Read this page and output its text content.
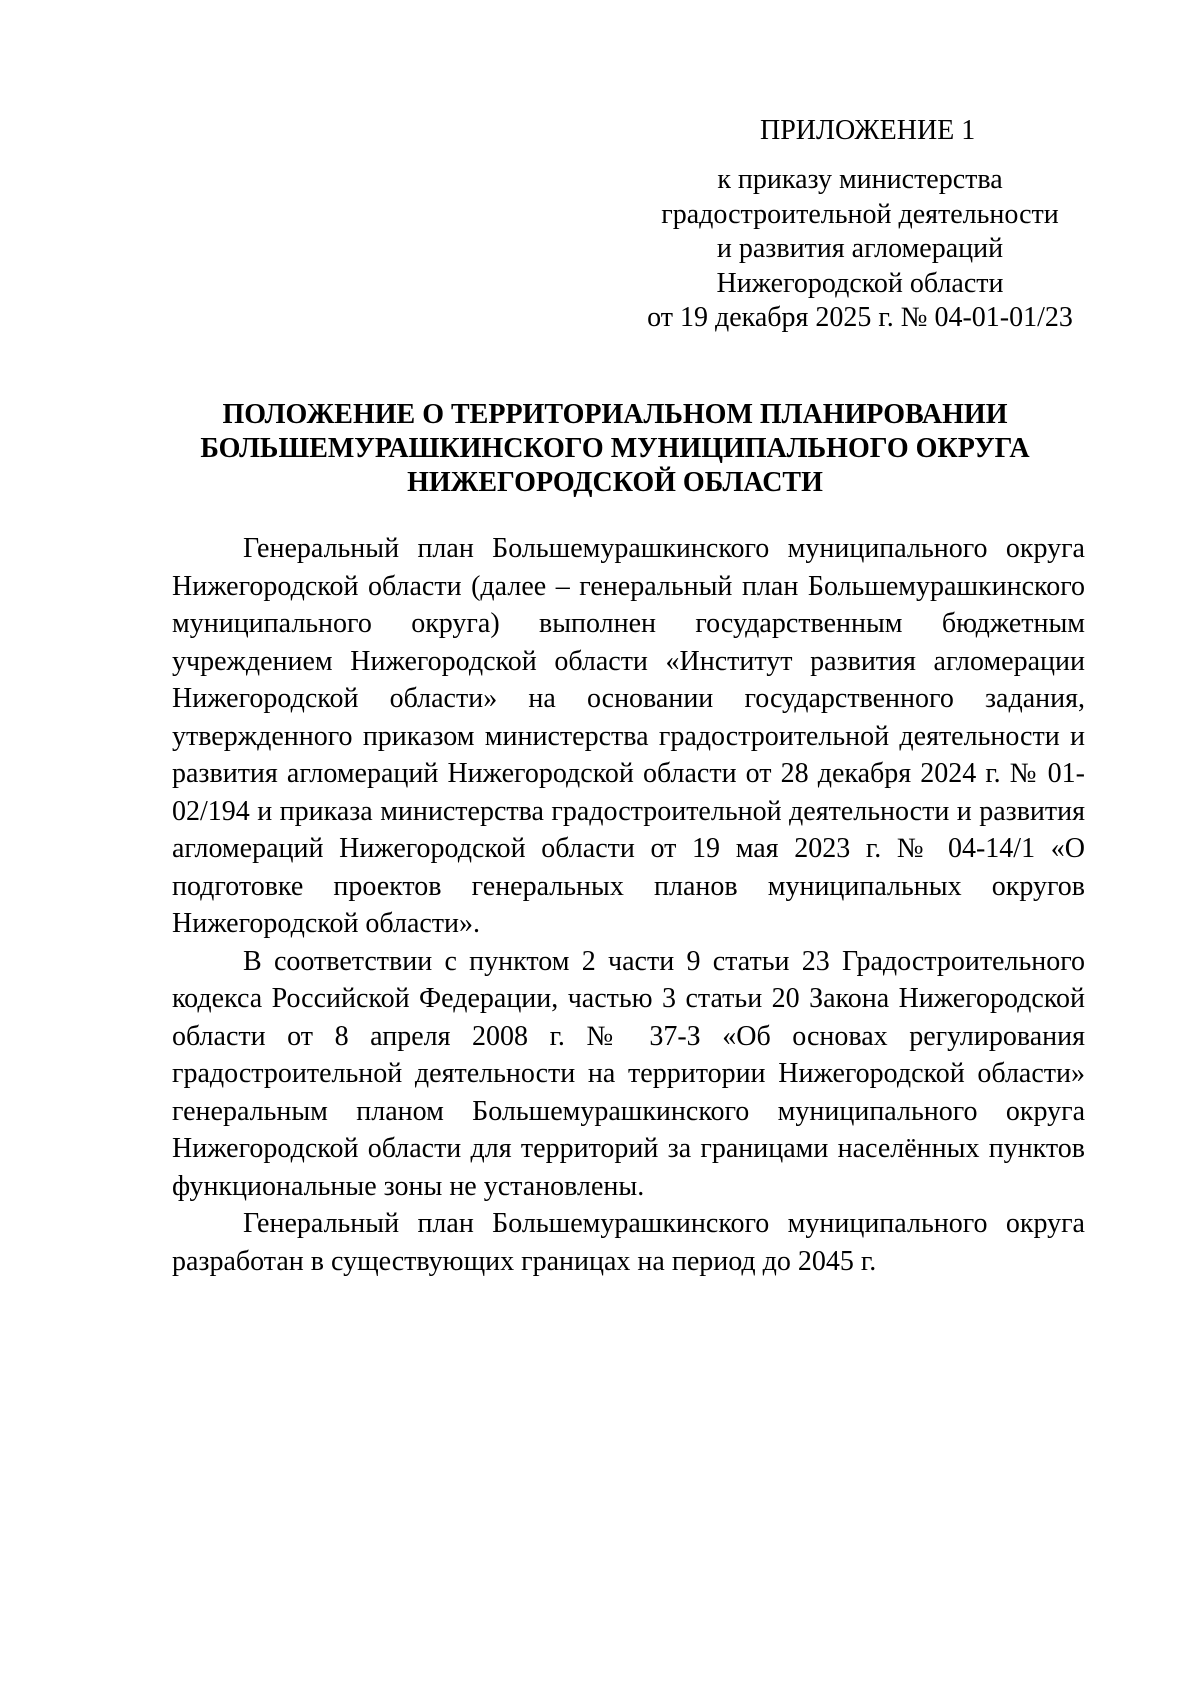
ПРИЛОЖЕНИЕ 1
к приказу министерства
градостроительной деятельности
и развития агломераций
Нижегородской области
от 19 декабря 2025 г. № 04-01-01/23
ПОЛОЖЕНИЕ О ТЕРРИТОРИАЛЬНОМ ПЛАНИРОВАНИИ
БОЛЬШЕМУРАШКИНСКОГО МУНИЦИПАЛЬНОГО ОКРУГА
НИЖЕГОРОДСКОЙ ОБЛАСТИ

Генеральный план Большемурашкинского муниципального округа Нижегородской области (далее – генеральный план Большемурашкинского муниципального округа) выполнен государственным бюджетным учреждением Нижегородской области «Институт развития агломерации Нижегородской области» на основании государственного задания, утвержденного приказом министерства градостроительной деятельности и развития агломераций Нижегородской области от 28 декабря 2024 г. № 01-02/194 и приказа министерства градостроительной деятельности и развития агломераций Нижегородской области от 19 мая 2023 г. № 04-14/1 «О подготовке проектов генеральных планов муниципальных округов Нижегородской области».

В соответствии с пунктом 2 части 9 статьи 23 Градостроительного кодекса Российской Федерации, частью 3 статьи 20 Закона Нижегородской области от 8 апреля 2008 г. № 37-З «Об основах регулирования градостроительной деятельности на территории Нижегородской области» генеральным планом Большемурашкинского муниципального округа Нижегородской области для территорий за границами населённых пунктов функциональные зоны не установлены.

Генеральный план Большемурашкинского муниципального округа разработан в существующих границах на период до 2045 г.
